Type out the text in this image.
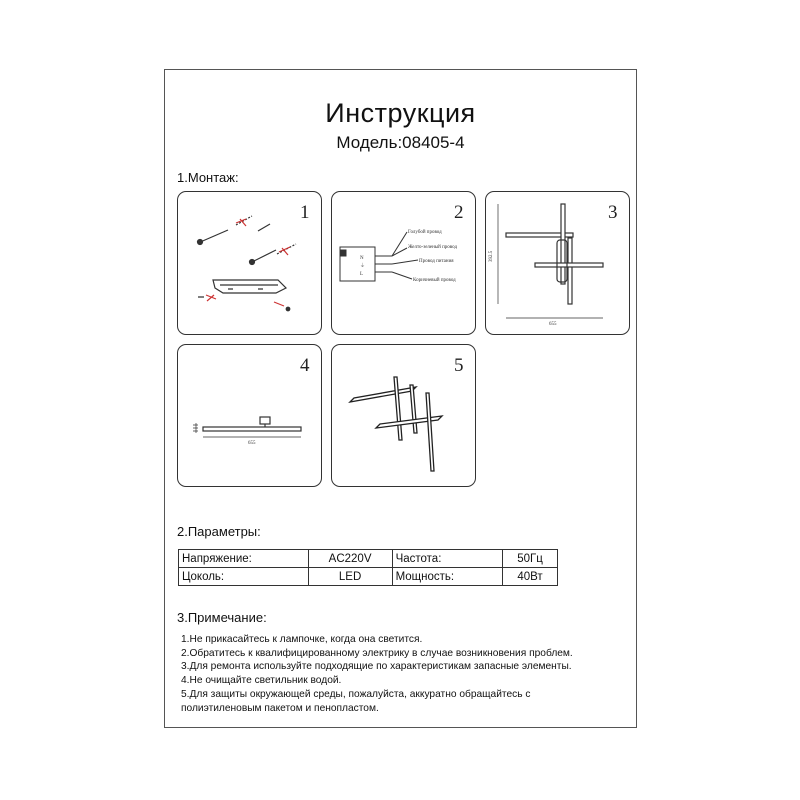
Инструкция
Модель:08405-4
1.Монтаж:
1
N
⏚
L
Голубой провод
Желто-зеленый провод
Провод питания
Коричневый провод
2
392.5
655
3
655
4	5
2.Параметры:
Напряжение:	AC220V	Частота:	50Гц
Цоколь:	LED	Мощность:	40Вт
3.Примечание:
1.Не прикасайтесь к лампочке, когда она светится.
2.Обратитесь к квалифицированному электрику в случае возникновения проблем.
3.Для ремонта используйте подходящие по характеристикам запасные элементы.
4.Не очищайте светильник водой.
5.Для защиты окружающей среды, пожалуйста, аккуратно обращайтесь с
полиэтиленовым пакетом и пенопластом.
